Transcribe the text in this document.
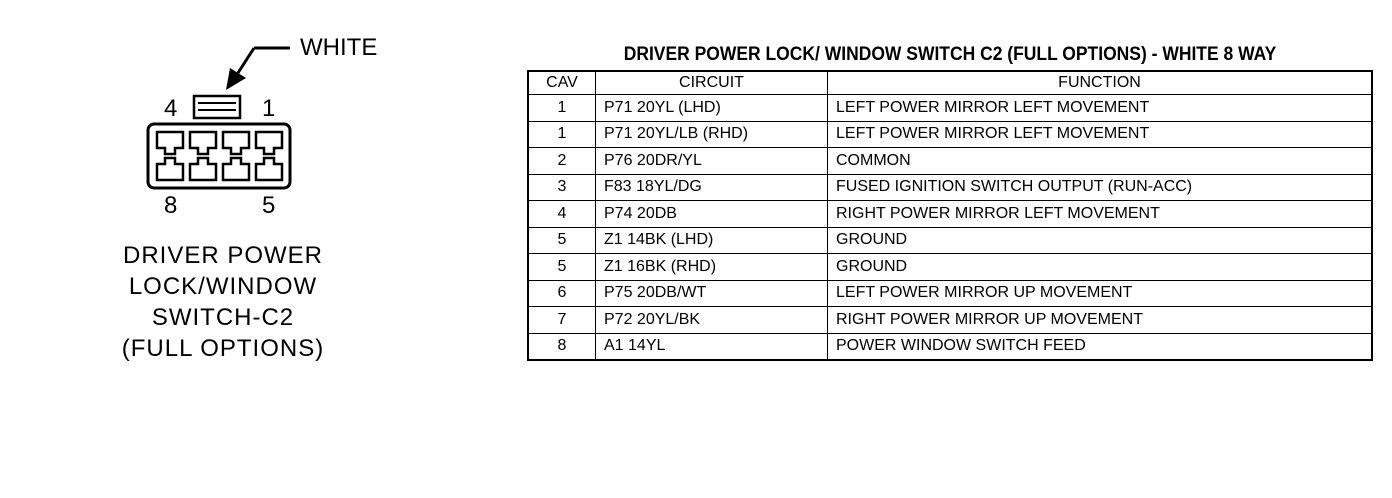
WHITE
4	1
8	5
DRIVER POWER
LOCK/WINDOW
SWITCH-C2
(FULL OPTIONS)
DRIVER POWER LOCK/ WINDOW SWITCH C2 (FULL OPTIONS) - WHITE 8 WAY
CAV	CIRCUIT	FUNCTION
1	P71 20YL (LHD)	LEFT POWER MIRROR LEFT MOVEMENT
1	P71 20YL/LB (RHD)	LEFT POWER MIRROR LEFT MOVEMENT
2	P76 20DR/YL	COMMON
3	F83 18YL/DG	FUSED IGNITION SWITCH OUTPUT (RUN-ACC)
4	P74 20DB	RIGHT POWER MIRROR LEFT MOVEMENT
5	Z1 14BK (LHD)	GROUND
5	Z1 16BK (RHD)	GROUND
6	P75 20DB/WT	LEFT POWER MIRROR UP MOVEMENT
7	P72 20YL/BK	RIGHT POWER MIRROR UP MOVEMENT
8	A1 14YL	POWER WINDOW SWITCH FEED
